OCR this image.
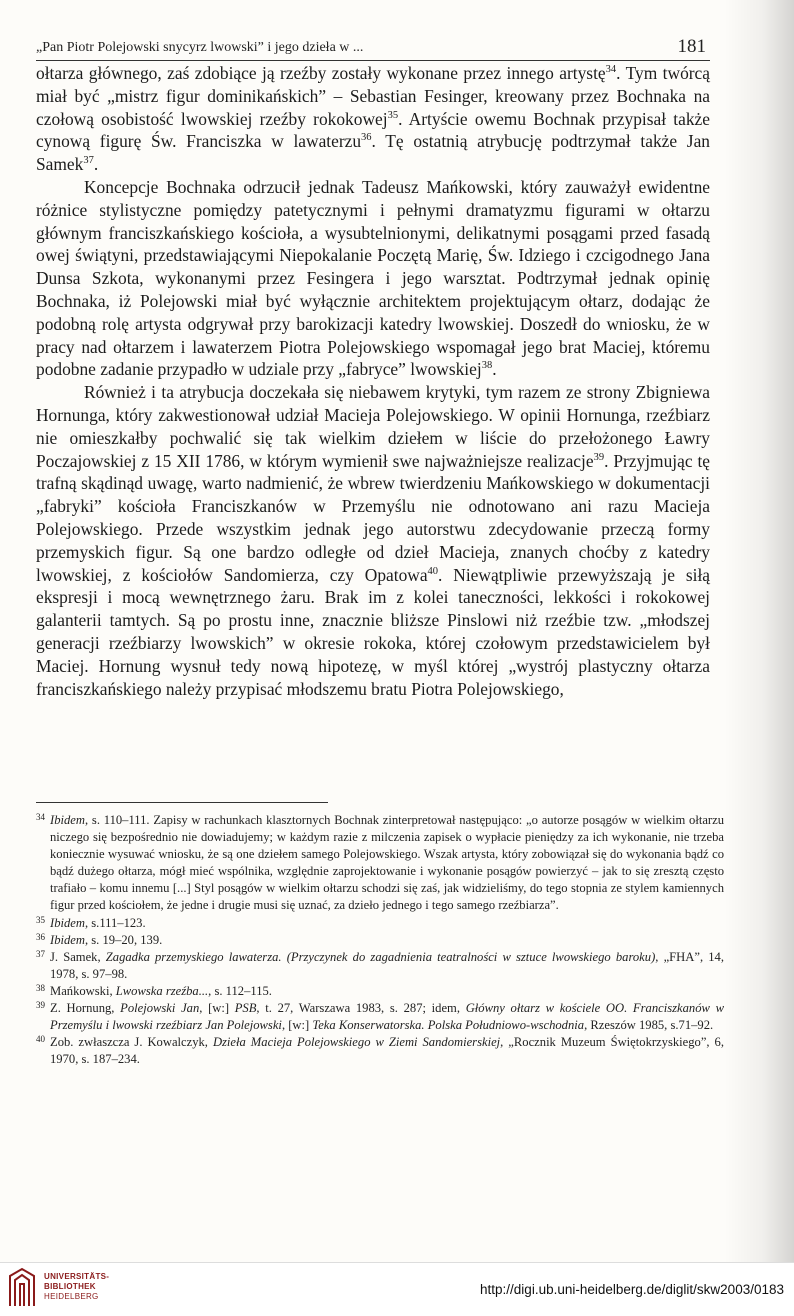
„Pan Piotr Polejowski snycyrz lwowski” i jego dzieła w ...	181

ołtarza głównego, zaś zdobiące ją rzeźby zostały wykonane przez innego artystę$^{34}$. Tym twórcą miał być „mistrz figur dominikańskich” – Sebastian Fesinger, kreowany przez Bochnaka na czołową osobistość lwowskiej rzeźby rokokowej$^{35}$. Artyście owemu Bochnak przypisał także cynową figurę Św. Franciszka w lawaterzu$^{36}$. Tę ostatnią atrybucję podtrzymał także Jan Samek$^{37}$.

Koncepcje Bochnaka odrzucił jednak Tadeusz Mańkowski, który zauważył ewidentne różnice stylistyczne pomiędzy patetycznymi i pełnymi dramatyzmu figurami w ołtarzu głównym franciszkańskiego kościoła, a wysubtelnionymi, delikatnymi posągami przed fasadą owej świątyni, przedstawiającymi Niepokalanie Poczętą Marię, Św. Idziego i czcigodnego Jana Dunsa Szkota, wykonanymi przez Fesingera i jego warsztat. Podtrzymał jednak opinię Bochnaka, iż Polejowski miał być wyłącznie architektem projektującym ołtarz, dodając że podobną rolę artysta odgrywał przy barokizacji katedry lwowskiej. Doszedł do wniosku, że w pracy nad ołtarzem i lawaterzem Piotra Polejowskiego wspomagał jego brat Maciej, któremu podobne zadanie przypadło w udziale przy „fabryce” lwowskiej$^{38}$.

Również i ta atrybucja doczekała się niebawem krytyki, tym razem ze strony Zbigniewa Hornunga, który zakwestionował udział Macieja Polejowskiego. W opinii Hornunga, rzeźbiarz nie omieszkałby pochwalić się tak wielkim dziełem w liście do przełożonego Ławry Poczajowskiej z 15 XII 1786, w którym wymienił swe najważniejsze realizacje$^{39}$. Przyjmując tę trafną skądinąd uwagę, warto nadmienić, że wbrew twierdzeniu Mańkowskiego w dokumentacji „fabryki” kościoła Franciszkanów w Przemyślu nie odnotowano ani razu Macieja Polejowskiego. Przede wszystkim jednak jego autorstwu zdecydowanie przeczą formy przemyskich figur. Są one bardzo odległe od dzieł Macieja, znanych choćby z katedry lwowskiej, z kościołów Sandomierza, czy Opatowa$^{40}$. Niewątpliwie przewyższają je siłą ekspresji i mocą wewnętrznego żaru. Brak im z kolei taneczności, lekkości i rokokowej galanterii tamtych. Są po prostu inne, znacznie bliższe Pinslowi niż rzeźbie tzw. „młodszej generacji rzeźbiarzy lwowskich” w okresie rokoka, której czołowym przedstawicielem był Maciej. Hornung wysnuł tedy nową hipotezę, w myśl której „wystrój plastyczny ołtarza franciszkańskiego należy przypisać młodszemu bratu Piotra Polejowskiego,

34 Ibidem, s. 110–111. Zapisy w rachunkach klasztornych Bochnak zinterpretował następująco: „o autorze posągów w wielkim ołtarzu niczego się bezpośrednio nie dowiadujemy; w każdym razie z milczenia zapisek o wypłacie pieniędzy za ich wykonanie, nie trzeba koniecznie wysuwać wniosku, że są one dziełem samego Polejowskiego. Wszak artysta, który zobowiązał się do wykonania bądź co bądź dużego ołtarza, mógł mieć wspólnika, względnie zaprojektowanie i wykonanie posągów powierzyć – jak to się zresztą często trafiało – komu innemu [...] Styl posągów w wielkim ołtarzu schodzi się zaś, jak widzieliśmy, do tego stopnia ze stylem kamiennych figur przed kościołem, że jedne i drugie musi się uznać, za dzieło jednego i tego samego rzeźbiarza”.

35 Ibidem, s.111–123.

36 Ibidem, s. 19–20, 139.

37 J. Samek, Zagadka przemyskiego lawaterza. (Przyczynek do zagadnienia teatralności w sztuce lwowskiego baroku), „FHA”, 14, 1978, s. 97–98.

38 Mańkowski, Lwowska rzeźba..., s. 112–115.

39 Z. Hornung, Polejowski Jan, [w:] PSB, t. 27, Warszawa 1983, s. 287; idem, Główny ołtarz w kościele OO. Franciszkanów w Przemyślu i lwowski rzeźbiarz Jan Polejowski, [w:] Teka Konserwatorska. Polska Południowo-wschodnia, Rzeszów 1985, s.71–92.

40 Zob. zwłaszcza J. Kowalczyk, Dzieła Macieja Polejowskiego w Ziemi Sandomierskiej, „Rocznik Muzeum Świętokrzyskiego”, 6, 1970, s. 187–234.

UNIVERSITÄTS-
BIBLIOTHEK
HEIDELBERG	http://digi.ub.uni-heidelberg.de/diglit/skw2003/0183
